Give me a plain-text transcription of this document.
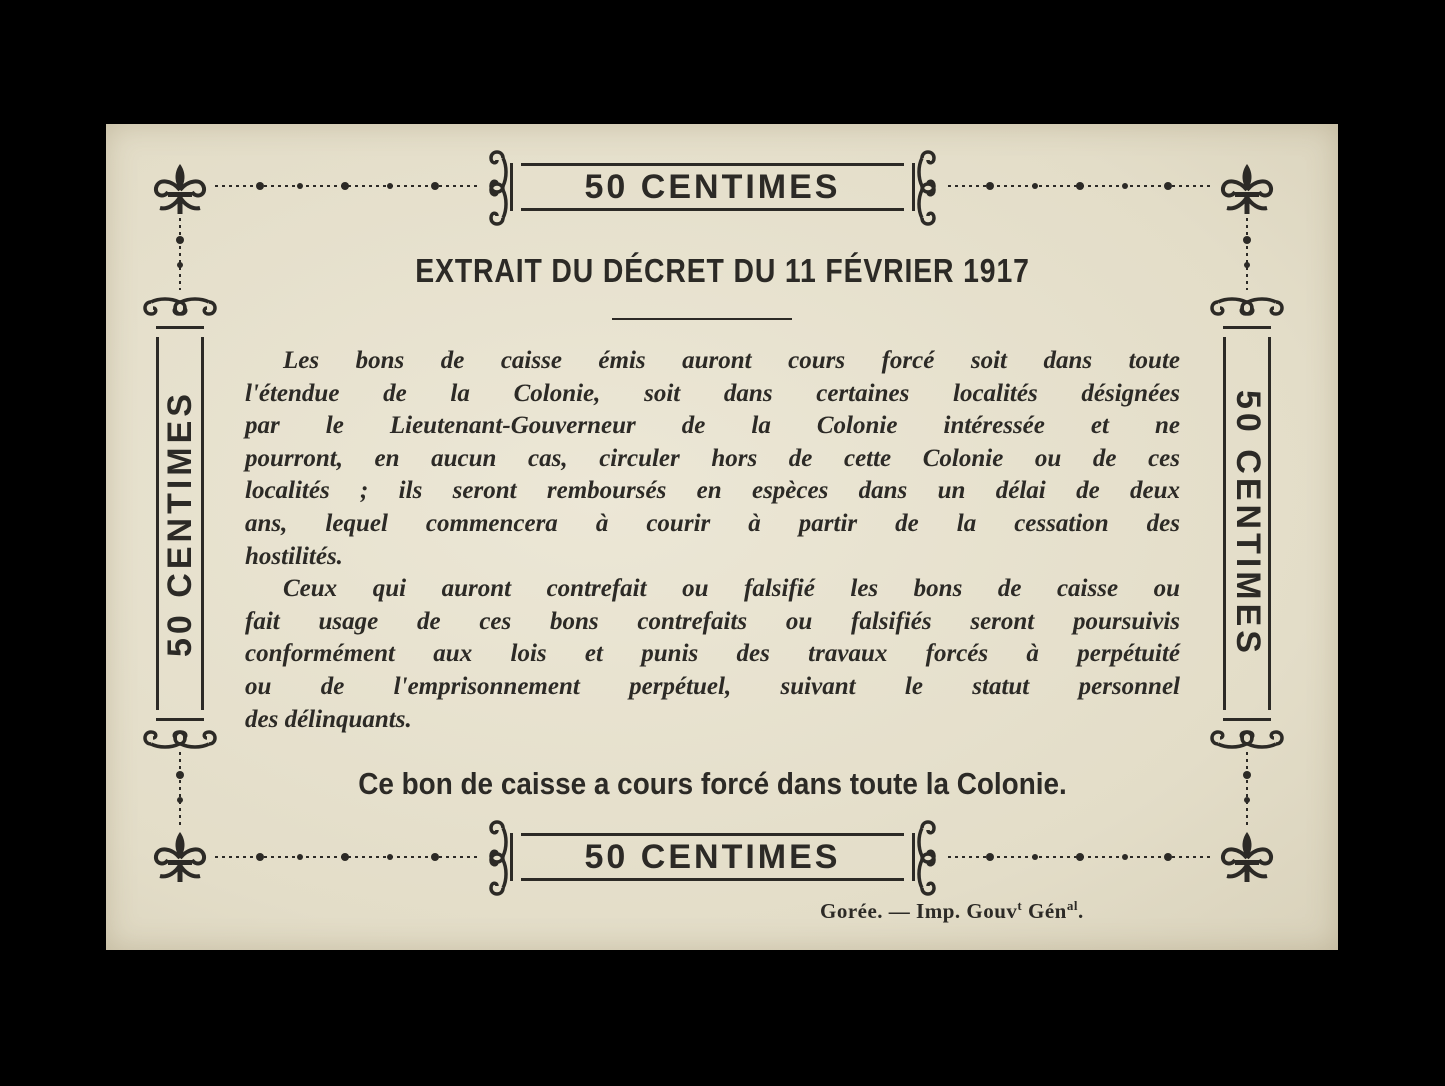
50 CENTIMES
50 CENTIMES
50 CENTIMES	50 CENTIMES
EXTRAIT DU DÉCRET DU 11 FÉVRIER 1917
Les bons de caisse émis auront cours forcé soit dans toute
l'étendue de la Colonie, soit dans certaines localités désignées
par le Lieutenant-Gouverneur de la Colonie intéressée et ne
pourront, en aucun cas, circuler hors de cette Colonie ou de ces
localités ; ils seront remboursés en espèces dans un délai de deux
ans, lequel commencera à courir à partir de la cessation des
hostilités.
Ceux qui auront contrefait ou falsifié les bons de caisse ou
fait usage de ces bons contrefaits ou falsifiés seront poursuivis
conformément aux lois et punis des travaux forcés à perpétuité
ou de l'emprisonnement perpétuel, suivant le statut personnel
des délinquants.
Ce bon de caisse a cours forcé dans toute la Colonie.
Gorée. — Imp. Gouv$^t$ Gén$^{al}$.
